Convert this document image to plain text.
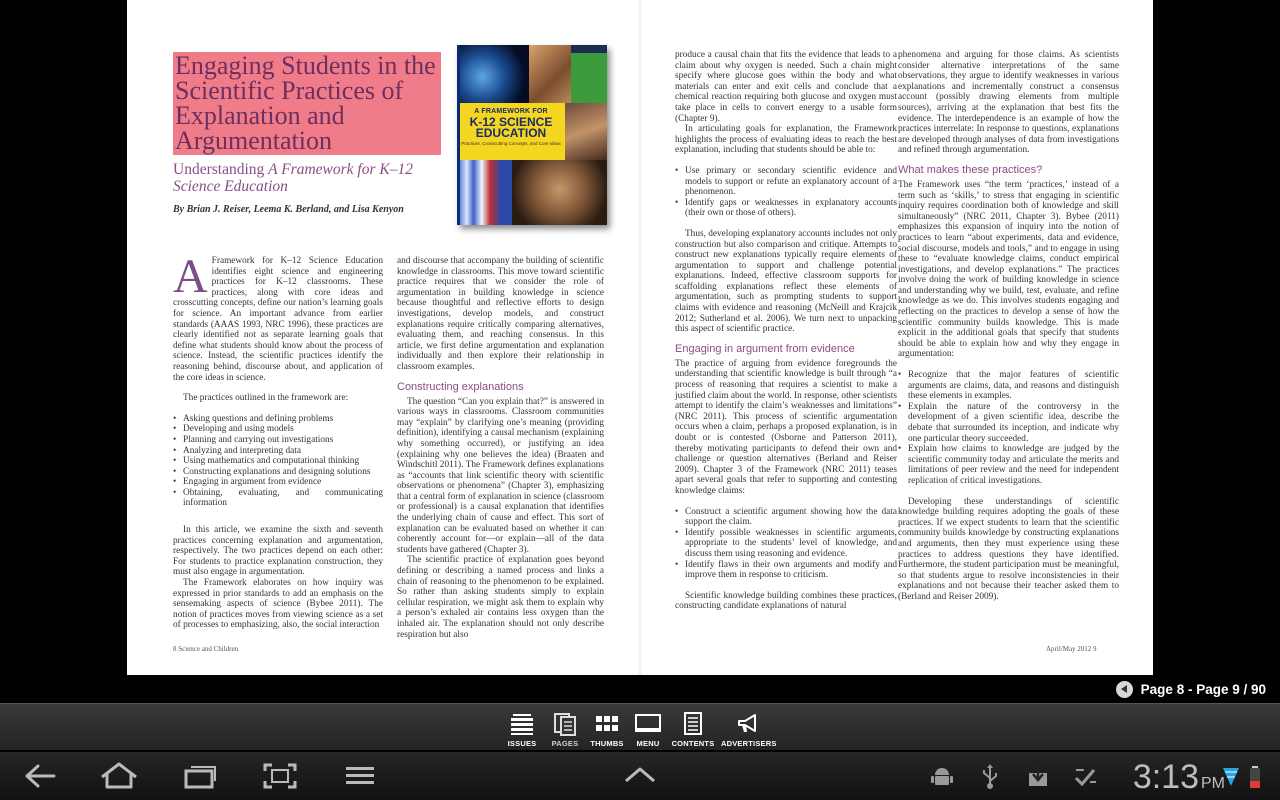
Engaging Students in the Scientific Practices of Explanation and Argumentation
Understanding A Framework for K–12 Science Education
By Brian J. Reiser, Leema K. Berland, and Lisa Kenyon
A FRAMEWORK FOR
K-12 SCIENCE EDUCATION
Practices, Crosscutting Concepts, and Core Ideas
A Framework for K–12 Science Education identifies eight science and engineering practices for K–12 classrooms. These practices, along with core ideas and crosscutting concepts, define our nation’s learning goals for science. An important advance from earlier standards (AAAS 1993, NRC 1996), these practices are clearly identified not as separate learning goals that define what students should know about the process of science. Instead, the scientific practices identify the reasoning behind, discourse about, and application of the core ideas in science.

The practices outlined in the framework are:

• Asking questions and defining problems
• Developing and using models
• Planning and carrying out investigations
• Analyzing and interpreting data
• Using mathematics and computational thinking
• Constructing explanations and designing solutions
• Engaging in argument from evidence
• Obtaining, evaluating, and communicating information

In this article, we examine the sixth and seventh practices concerning explanation and argumentation, respectively. The two practices depend on each other: For students to practice explanation construction, they must also engage in argumentation.

The Framework elaborates on how inquiry was expressed in prior standards to add an emphasis on the sensemaking aspects of science (Bybee 2011). The notion of practices moves from viewing science as a set of processes to emphasizing, also, the social interaction

and discourse that accompany the building of scientific knowledge in classrooms. This move toward scientific practice requires that we consider the role of argumentation in building knowledge in science because thoughtful and reflective efforts to design investigations, develop models, and construct explanations require critically comparing alternatives, evaluating them, and reaching consensus. In this article, we first define argumentation and explanation individually and then explore their relationship in classroom examples.

Constructing explanations

The question “Can you explain that?” is answered in various ways in classrooms. Classroom communities may “explain” by clarifying one’s meaning (providing definition), identifying a causal mechanism (explaining why something occurred), or justifying an idea (explaining why one believes the idea) (Braaten and Windschitl 2011). The Framework defines explanations as “accounts that link scientific theory with scientific observations or phenomena” (Chapter 3), emphasizing that a central form of explanation in science (classroom or professional) is a causal explanation that identifies the underlying chain of cause and effect. This sort of explanation can be evaluated based on whether it can coherently account for—or explain—all of the data students have gathered (Chapter 3).

The scientific practice of explanation goes beyond defining or describing a named process and links a chain of reasoning to the phenomenon to be explained. So rather than asking students simply to explain cellular respiration, we might ask them to explain why a person’s exhaled air contains less oxygen than the inhaled air. The explanation should not only describe respiration but also

8 Science and Children

produce a causal chain that fits the evidence that leads to a claim about why oxygen is needed. Such a chain might specify where glucose goes within the body and what materials can enter and exit cells and conclude that a chemical reaction requiring both glucose and oxygen must take place in cells to convert energy to a usable form (Chapter 9).

In articulating goals for explanation, the Framework highlights the process of evaluating ideas to reach the best explanation, including that students should be able to:

• Use primary or secondary scientific evidence and models to support or refute an explanatory account of a phenomenon.
• Identify gaps or weaknesses in explanatory accounts (their own or those of others).

Thus, developing explanatory accounts includes not only construction but also comparison and critique. Attempts to construct new explanations typically require elements of argumentation to support and challenge potential explanations. Indeed, effective classroom supports for scaffolding explanations reflect these elements of argumentation, such as prompting students to support claims with evidence and reasoning (McNeill and Krajcik 2012; Sutherland et al. 2006). We turn next to unpacking this aspect of scientific practice.

Engaging in argument from evidence

The practice of arguing from evidence foregrounds the understanding that scientific knowledge is built through “a process of reasoning that requires a scientist to make a justified claim about the world. In response, other scientists attempt to identify the claim’s weaknesses and limitations” (NRC 2011). This process of scientific argumentation occurs when a claim, perhaps a proposed explanation, is in doubt or is contested (Osborne and Patterson 2011), thereby motivating participants to defend their own and challenge or question alternatives (Berland and Reiser 2009). Chapter 3 of the Framework (NRC 2011) teases apart several goals that refer to supporting and contesting knowledge claims:

• Construct a scientific argument showing how the data support the claim.
• Identify possible weaknesses in scientific arguments, appropriate to the students’ level of knowledge, and discuss them using reasoning and evidence.
• Identify flaws in their own arguments and modify and improve them in response to criticism.

Scientific knowledge building combines these practices, constructing candidate explanations of natural

phenomena and arguing for those claims. As scientists consider alternative interpretations of the same observations, they argue to identify weaknesses in various explanations and incrementally construct a consensus account (possibly drawing elements from multiple sources), arriving at the explanation that best fits the evidence. The interdependence is an example of how the practices interrelate: In response to questions, explanations are developed through analyses of data from investigations and refined through argumentation.

What makes these practices?

The Framework uses “the term ‘practices,’ instead of a term such as ‘skills,’ to stress that engaging in scientific inquiry requires coordination both of knowledge and skill simultaneously” (NRC 2011, Chapter 3). Bybee (2011) emphasizes this expansion of inquiry into the notion of practices to learn “about experiments, data and evidence, social discourse, models and tools,” and to engage in using these to “evaluate knowledge claims, conduct empirical investigations, and develop explanations.” The practices involve doing the work of building knowledge in science and understanding why we build, test, evaluate, and refine knowledge as we do. This involves students engaging and reflecting on the practices to develop a sense of how the scientific community builds knowledge. This is made explicit in the additional goals that specify that students should be able to explain how and why they engage in argumentation:

• Recognize that the major features of scientific arguments are claims, data, and reasons and distinguish these elements in examples.
• Explain the nature of the controversy in the development of a given scientific idea, describe the debate that surrounded its inception, and indicate why one particular theory succeeded.
• Explain how claims to knowledge are judged by the scientific community today and articulate the merits and limitations of peer review and the need for independent replication of critical investigations.

Developing these understandings of scientific knowledge building requires adopting the goals of these practices. If we expect students to learn that the scientific community builds knowledge by constructing explanations and arguments, then they must experience using these practices to address questions they have identified. Furthermore, the student participation must be meaningful, so that students argue to resolve inconsistencies in their explanations and not because their teacher asked them to (Berland and Reiser 2009).

April/May 2012 9
Page 8 - Page 9 / 90
ISSUES	PAGES	THUMBS	MENU	CONTENTS ADVERTISERS
3:13 PM
